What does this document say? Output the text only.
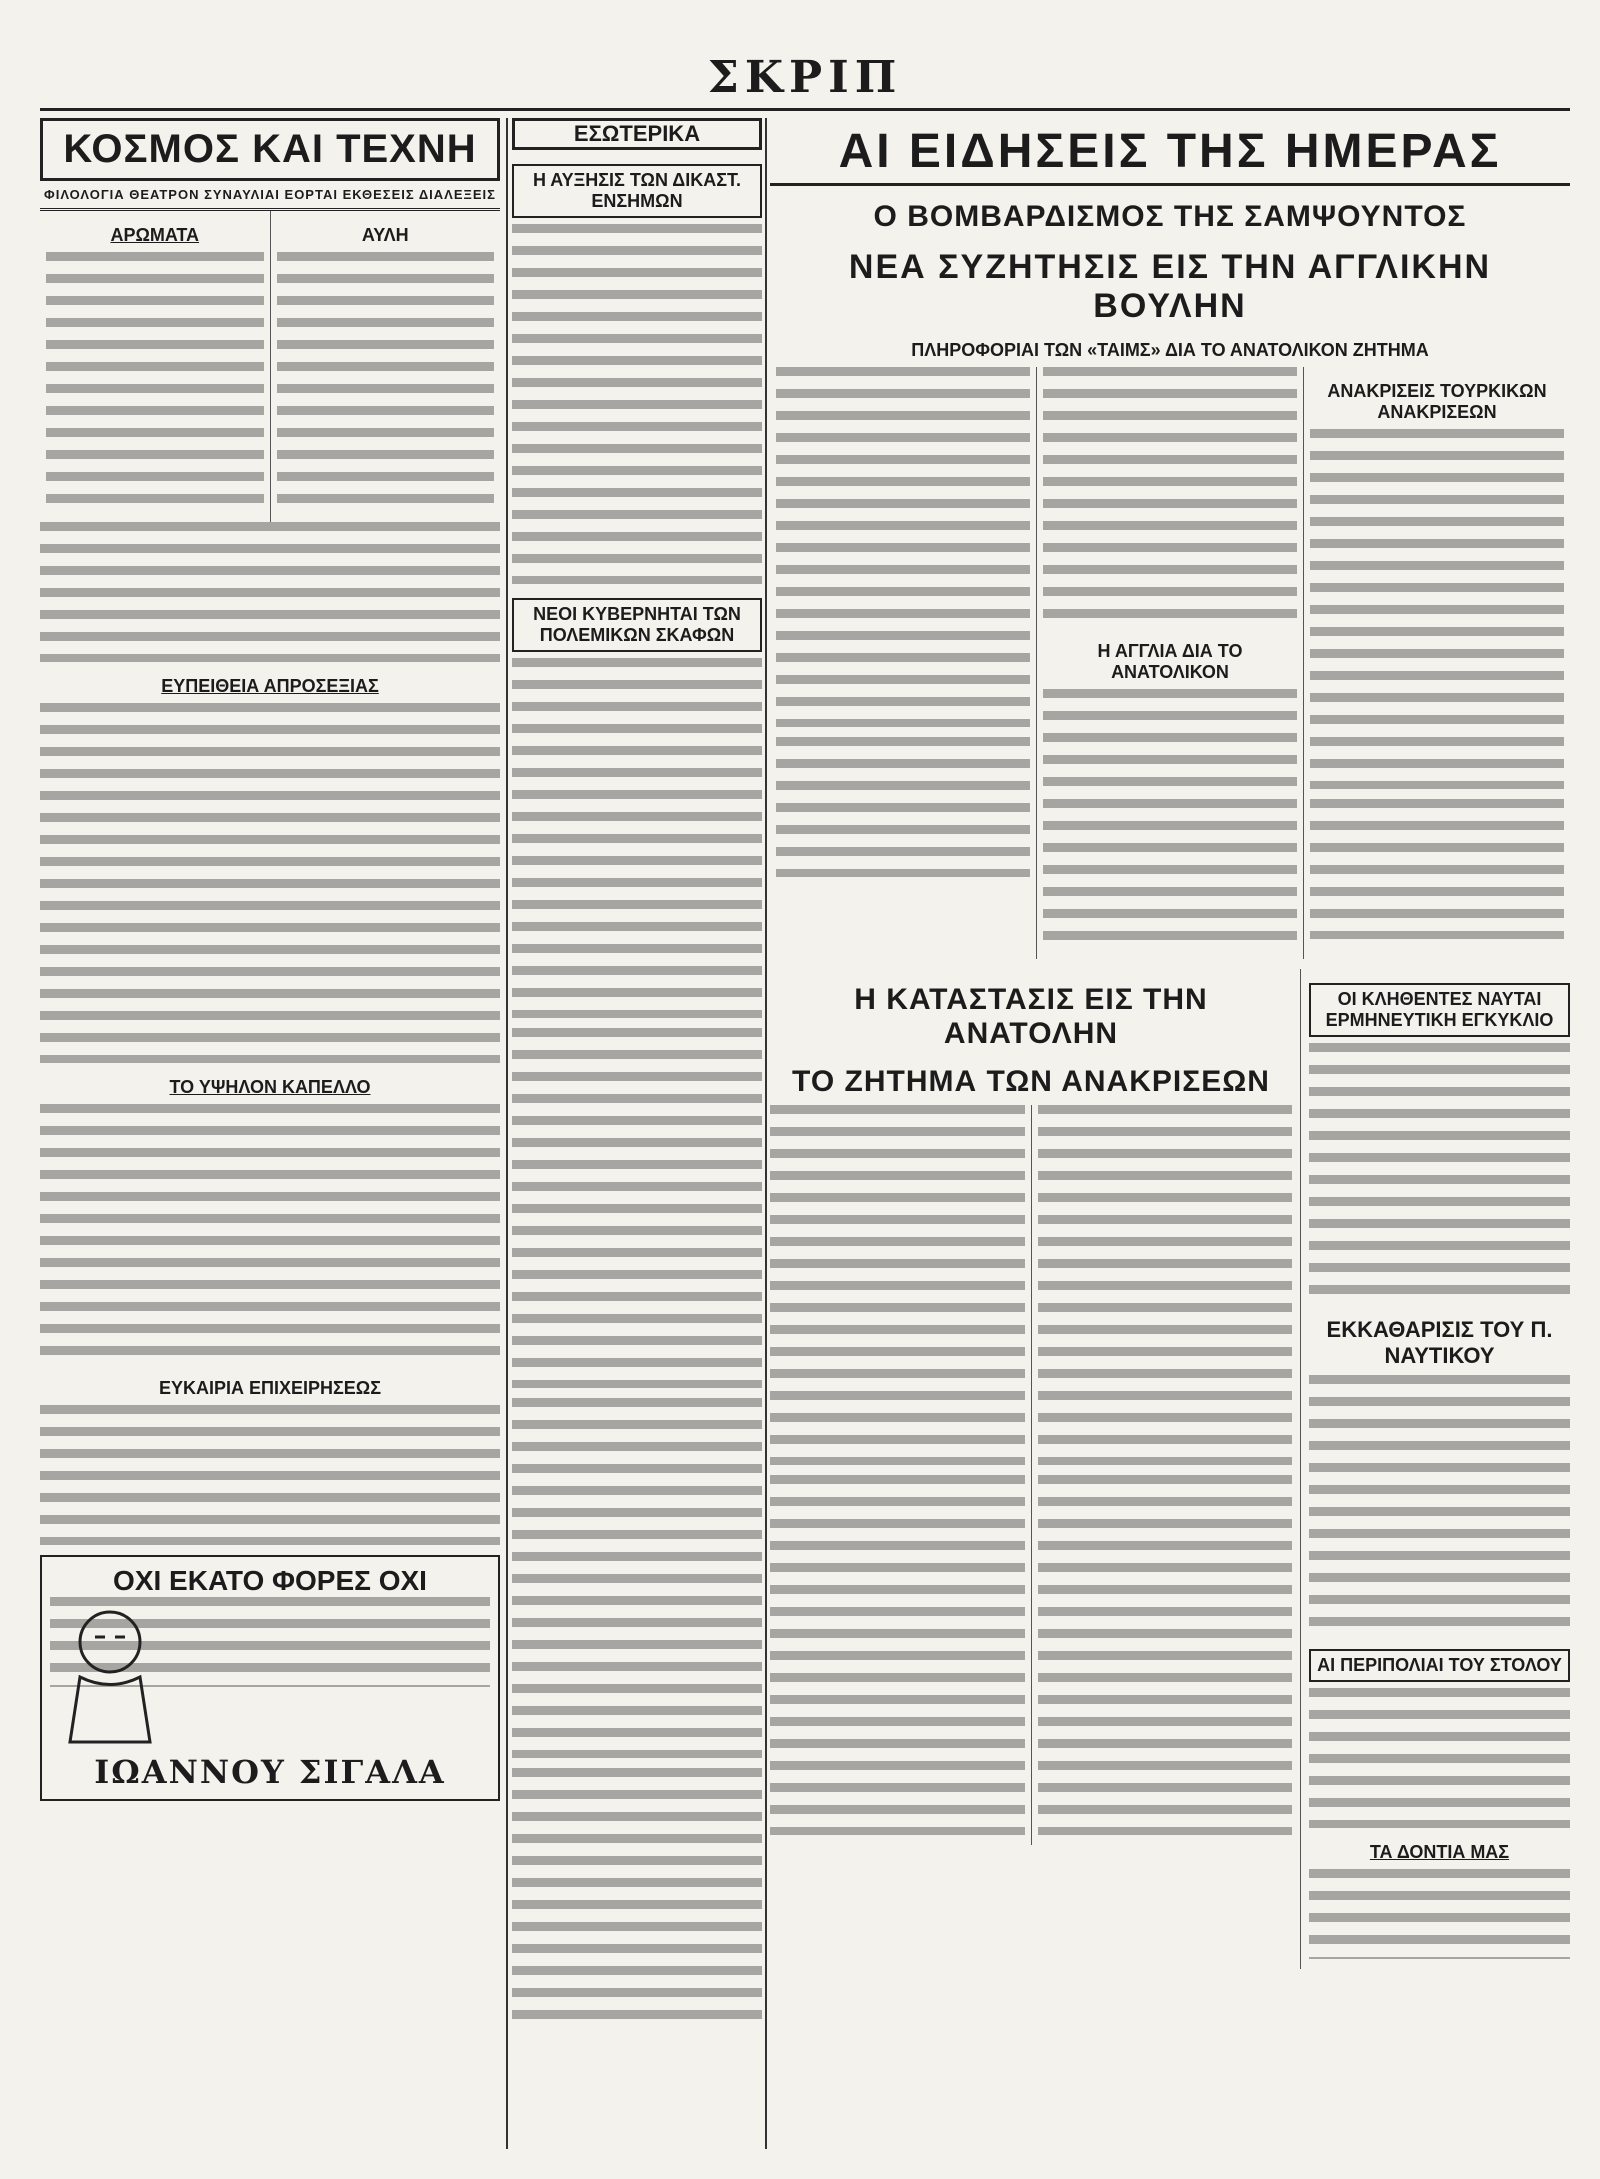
ΣΚΡΙΠ
ΚΟΣΜΟΣ ΚΑΙ ΤΕΧΝΗ
ΦΙΛΟΛΟΓΙΑ ΘΕΑΤΡΟΝ ΣΥΝΑΥΛΙΑΙ ΕΟΡΤΑΙ ΕΚΘΕΣΕΙΣ ΔΙΑΛΕΞΕΙΣ
ΑΡΩΜΑΤΑ	ΑΥΛΗ
ΕΥΠΕΙΘΕΙΑ ΑΠΡΟΣΕΞΙΑΣ
ΤΟ ΥΨΗΛΟΝ ΚΑΠΕΛΛΟ
ΕΥΚΑΙΡΙΑ ΕΠΙΧΕΙΡΗΣΕΩΣ
ΟΧΙ ΕΚΑΤΟ ΦΟΡΕΣ ΟΧΙ
ΙΩΑΝΝΟΥ ΣΙΓΑΛΑ
ΕΣΩΤΕΡΙΚΑ
Η ΑΥΞΗΣΙΣ ΤΩΝ ΔΙΚΑΣΤ. ΕΝΣΗΜΩΝ
ΝΕΟΙ ΚΥΒΕΡΝΗΤΑΙ ΤΩΝ ΠΟΛΕΜΙΚΩΝ ΣΚΑΦΩΝ
ΑΙ ΕΙΔΗΣΕΙΣ ΤΗΣ ΗΜΕΡΑΣ
Ο ΒΟΜΒΑΡΔΙΣΜΟΣ ΤΗΣ ΣΑΜΨΟΥΝΤΟΣ
ΝΕΑ ΣΥΖΗΤΗΣΙΣ ΕΙΣ ΤΗΝ ΑΓΓΛΙΚΗΝ ΒΟΥΛΗΝ
ΠΛΗΡΟΦΟΡΙΑΙ ΤΩΝ «ΤΑΙΜΣ» ΔΙΑ ΤΟ ΑΝΑΤΟΛΙΚΟΝ ΖΗΤΗΜΑ
Η ΑΓΓΛΙΑ ΔΙΑ ΤΟ ΑΝΑΤΟΛΙΚΟΝ
ΑΝΑΚΡΙΣΕΙΣ ΤΟΥΡΚΙΚΩΝ ΑΝΑΚΡΙΣΕΩΝ
Η ΚΑΤΑΣΤΑΣΙΣ ΕΙΣ ΤΗΝ ΑΝΑΤΟΛΗΝ
ΤΟ ΖΗΤΗΜΑ ΤΩΝ ΑΝΑΚΡΙΣΕΩΝ
ΟΙ ΚΛΗΘΕΝΤΕΣ ΝΑΥΤΑΙ ΕΡΜΗΝΕΥΤΙΚΗ ΕΓΚΥΚΛΙΟ
ΕΚΚΑΘΑΡΙΣΙΣ ΤΟΥ Π. ΝΑΥΤΙΚΟΥ
ΑΙ ΠΕΡΙΠΟΛΙΑΙ ΤΟΥ ΣΤΟΛΟΥ
ΤΑ ΔΟΝΤΙΑ ΜΑΣ
